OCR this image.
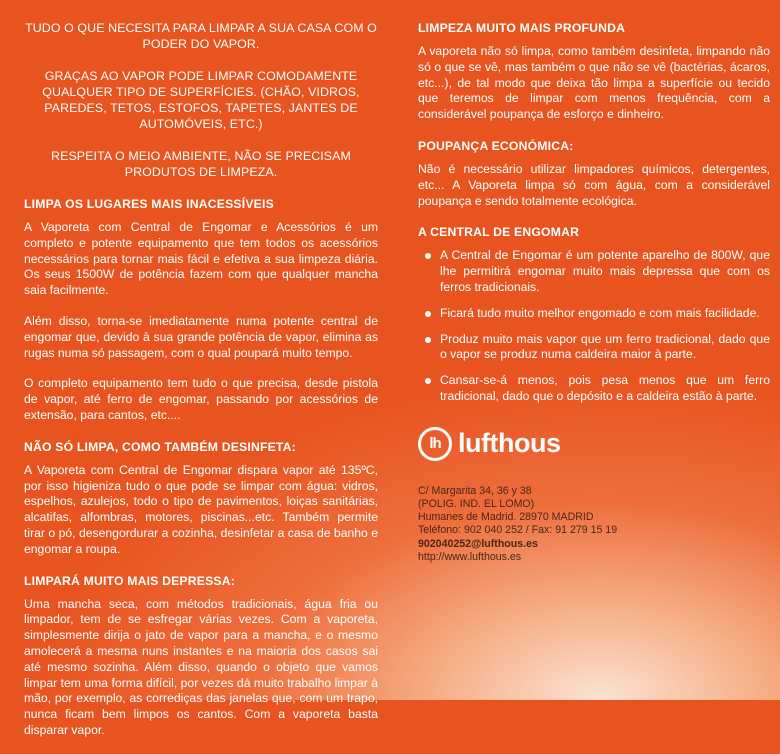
TUDO O QUE NECESITA PARA LIMPAR A SUA CASA COM O PODER DO VAPOR.
GRAÇAS AO VAPOR PODE LIMPAR COMODAMENTE QUALQUER TIPO DE SUPERFÍCIES. (CHÃO, VIDROS, PAREDES, TETOS, ESTOFOS, TAPETES, JANTES DE AUTOMÓVEIS, ETC.)
RESPEITA O MEIO AMBIENTE, NÃO SE PRECISAM PRODUTOS DE LIMPEZA.
LIMPA OS LUGARES MAIS INACESSÍVEIS

A Vaporeta com Central de Engomar e Acessórios é um completo e potente equipamento que tem todos os acessórios necessários para tornar mais fácil e efetiva a sua limpeza diária. Os seus 1500W de potência fazem com que qualquer mancha saia facilmente.

Além disso, torna-se imediatamente numa potente central de engomar que, devido à sua grande potência de vapor, elimina as rugas numa só passagem, com o qual poupará muito tempo.

O completo equipamento tem tudo o que precisa, desde pistola de vapor, até ferro de engomar, passando por acessórios de extensão, para cantos, etc....

NÃO SÓ LIMPA, COMO TAMBÉM DESINFETA:

A Vaporeta com Central de Engomar dispara vapor até 135ºC, por isso higieniza tudo o que pode se limpar com água: vidros, espelhos, azulejos, todo o tipo de pavimentos, loiças sanitárias, alcatifas, alfombras, motores, piscinas...etc. Também permite tirar o pó, desengordurar a cozinha, desinfetar a casa de banho e engomar a roupa.

LIMPARÁ MUITO MAIS DEPRESSA:

Uma mancha seca, com métodos tradicionais, água fria ou limpador, tem de se esfregar várias vezes. Com a vaporeta, simplesmente dirija o jato de vapor para a mancha, e o mesmo amolecerá a mesma nuns instantes e na maioria dos casos sai até mesmo sozinha. Além disso, quando o objeto que vamos limpar tem uma forma difícil, por vezes dá muito trabalho limpar à mão, por exemplo, as corrediças das janelas que, com um trapo, nunca ficam bem limpos os cantos. Com a vaporeta basta disparar vapor.

LIMPEZA MUITO MAIS PROFUNDA

A vaporeta não só limpa, como também desinfeta, limpando não só o que se vê, mas também o que não se vê (bactérias, ácaros, etc...), de tal modo que deixa tão limpa a superfície ou tecido que teremos de limpar com menos frequência, com a considerável poupança de esforço e dinheiro.

POUPANÇA ECONÓMICA:

Não é necessário utilizar limpadores químicos, detergentes, etc... A Vaporeta limpa só com água, com a considerável poupança e sendo totalmente ecológica.

A CENTRAL DE ENGOMAR
A Central de Engomar é um potente aparelho de 800W, que lhe permitirá engomar muito mais depressa que com os ferros tradicionais.
Ficará tudo muito melhor engomado e com mais facilidade.
Produz muito mais vapor que um ferro tradicional, dado que o vapor se produz numa caldeira maior à parte.
Cansar-se-á menos, pois pesa menos que um ferro tradicional, dado que o depósito e a caldeira estão à parte.
lh lufthous
C/ Margarita 34, 36 y 38
(POLIG. IND. EL LOMO)
Humanes de Madrid. 28970 MADRID
Teléfono: 902 040 252 / Fax: 91 279 15 19
902040252@lufthous.es
http://www.lufthous.es
